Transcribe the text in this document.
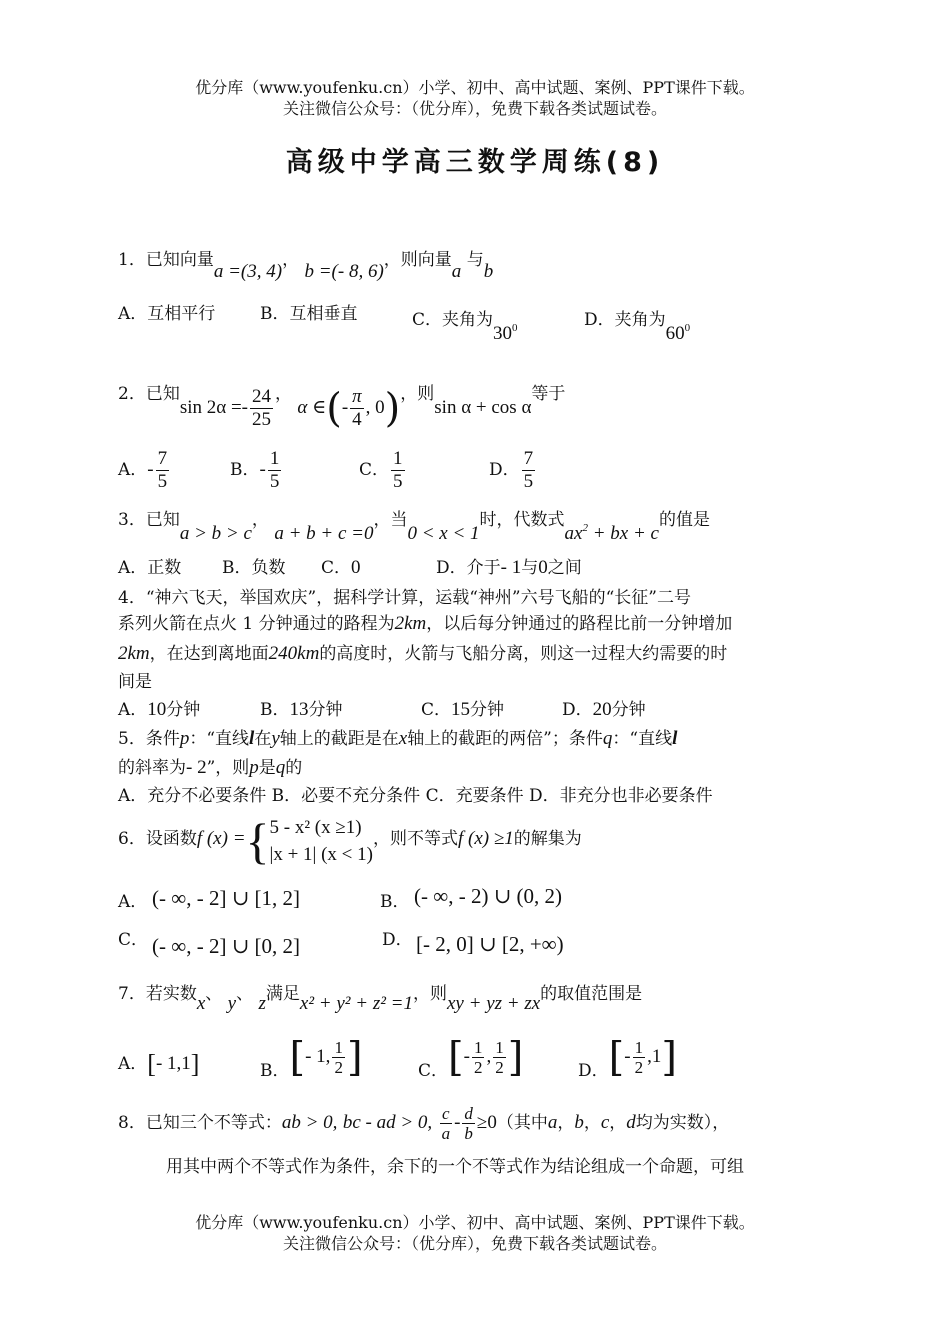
优分库（www.youfenku.cn）小学、初中、高中试题、案例、PPT课件下载。
关注微信公众号：（优分库），免费下载各类试题试卷。
高级中学高三数学周练(8)
1．已知向量a =(3, 4)， b =(- 8, 6)，则向量a 与b
A．互相平行	B．互相垂直	C．夹角为$30^0$	D．夹角为$60^0$
2．已知$\sin 2\alpha =- \frac{24}{25}$ ， α ∈(- $\frac{\pi}{4}$ , 0)，则sin α + cos α等于
A．- $\frac{7}{5}$	B．- $\frac{1}{5}$	C． $\frac{1}{5}$	D． $\frac{7}{5}$
3．已知a > b > c， a + b + c =0，当0 < x < 1时，代数式$ax^2$ + bx + c的值是
A．正数 B．负数 C．0	D．介于- 1与0之间
4．“神六飞天，举国欢庆”，据科学计算，运载“神州”六号飞船的“长征”二号
系列火箭在点火 1 分钟通过的路程为2km，以后每分钟通过的路程比前一分钟增加
2km，在达到离地面240km的高度时，火箭与飞船分离，则这一过程大约需要的时
间是
A．10分钟	B．13分钟	C．15分钟	D．20分钟
5．条件p：“直线l在y轴上的截距是在x轴上的截距的两倍”；条件q：“直线l
的斜率为- 2”，则p是q的
A．充分不必要条件 B．必要不充分条件 C．充要条件 D．非充分也非必要条件
6．设函数f (x) ={ 5 - x² (x ≥1)
|x + 1| (x < 1)
，则不等式f (x) ≥1的解集为
A． (- ∞, - 2] ∪ [1, 2]	B． (- ∞, - 2) ∪ (0, 2)
C． (- ∞, - 2] ∪ [0, 2]	D． [- 2, 0] ∪ [2, +∞)
7．若实数x、 y、 z满足x² + y² + z² =1，则xy + yz + zx的取值范围是
A．[- 1,1]	B．[- 1, $\frac{1}{2}$ ]	C．[- $\frac{1}{2}$ , $\frac{1}{2}$ ]	D．[- $\frac{1}{2} ,1$]
8．已知三个不等式：ab > 0, bc - ad > 0, $\frac{c}{a} - \frac{d}{b} \ge 0$（其中a，b，c，d均为实数），
用其中两个不等式作为条件，余下的一个不等式作为结论组成一个命题，可组
优分库（www.youfenku.cn）小学、初中、高中试题、案例、PPT课件下载。
关注微信公众号：（优分库），免费下载各类试题试卷。
